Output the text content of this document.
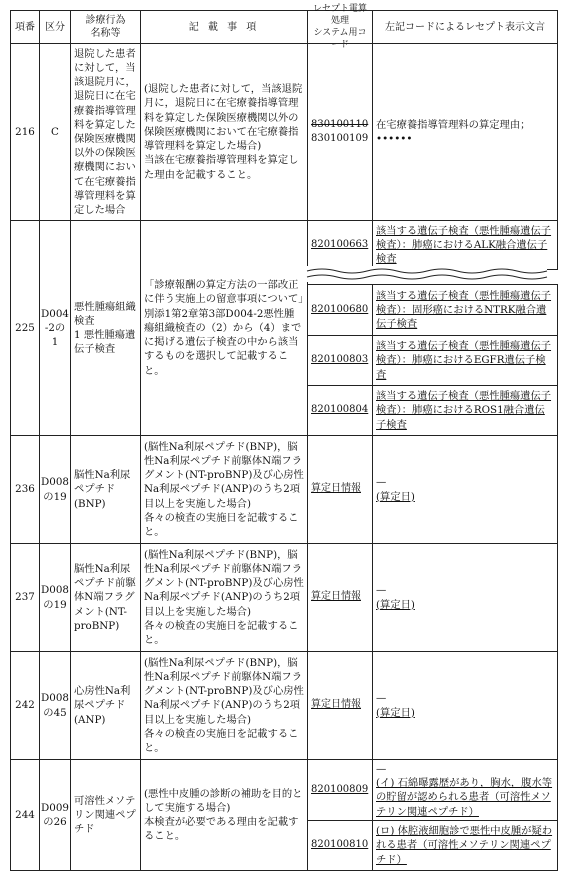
項番	区分
診療行為
名称等
記 載 事 項
レセプト電算処理
システム用コード
左記コードによるレセプト表示文言
216	C
退院した患者に対して，当該退院月に，退院日に在宅療養指導管理料を算定した保険医療機関以外の保険医療機関において在宅療養指導管理料を算定した場合
(退院した患者に対して，当該退院月に，退院日に在宅療養指導管理料を算定した保険医療機関以外の保険医療機関において在宅療養指導管理料を算定した場合)
当該在宅療養指導管理料を算定した理由を記載すること。
830100110
830100109
在宅療養指導管理料の算定理由；
••••••
225
D004
-2の
1
悪性腫瘍組織検査
1 悪性腫瘍遺伝子検査
「診療報酬の算定方法の一部改正に伴う実施上の留意事項について」別添1第2章第3部D004-2悪性腫瘍組織検査の（2）から（4）までに掲げる遺伝子検査の中から該当するものを選択して記載すること。
820100663
該当する遺伝子検査（悪性腫瘍遺伝子検査）：肺癌におけるALK融合遺伝子検査
820100680
該当する遺伝子検査（悪性腫瘍遺伝子検査）：固形癌におけるNTRK融合遺伝子検査
820100803
該当する遺伝子検査（悪性腫瘍遺伝子検査）：肺癌におけるEGFR遺伝子検査
820100804
該当する遺伝子検査（悪性腫瘍遺伝子検査）：肺癌におけるROS1融合遺伝子検査
236
D008
の19
脳性Na利尿ペプチド(BNP)
(脳性Na利尿ペプチド(BNP)，脳性Na利尿ペプチド前駆体N端フラグメント(NT-proBNP)及び心房性Na利尿ペプチド(ANP)のうち2項目以上を実施した場合)
各々の検査の実施日を記載すること。
算定日情報
—
(算定日)
237
D008
の19
脳性Na利尿ペプチド前駆体N端フラグメント(NT-proBNP)
(脳性Na利尿ペプチド(BNP)，脳性Na利尿ペプチド前駆体N端フラグメント(NT-proBNP)及び心房性Na利尿ペプチド(ANP)のうち2項目以上を実施した場合)
各々の検査の実施日を記載すること。
算定日情報
—
(算定日)
242
D008
の45
心房性Na利尿ペプチド(ANP)
(脳性Na利尿ペプチド(BNP)，脳性Na利尿ペプチド前駆体N端フラグメント(NT-proBNP)及び心房性Na利尿ペプチド(ANP)のうち2項目以上を実施した場合)
各々の検査の実施日を記載すること。
算定日情報
—
(算定日)
244
D009
の26
可溶性メソテリン関連ペプチド
(悪性中皮腫の診断の補助を目的として実施する場合)
本検査が必要である理由を記載すること。
820100809
—
(イ) 石綿曝露歴があり，胸水，腹水等の貯留が認められる患者（可溶性メソテリン関連ペプチド）
820100810
(ロ) 体腔液細胞診で悪性中皮腫が疑われる患者（可溶性メソテリン関連ペプチド）
